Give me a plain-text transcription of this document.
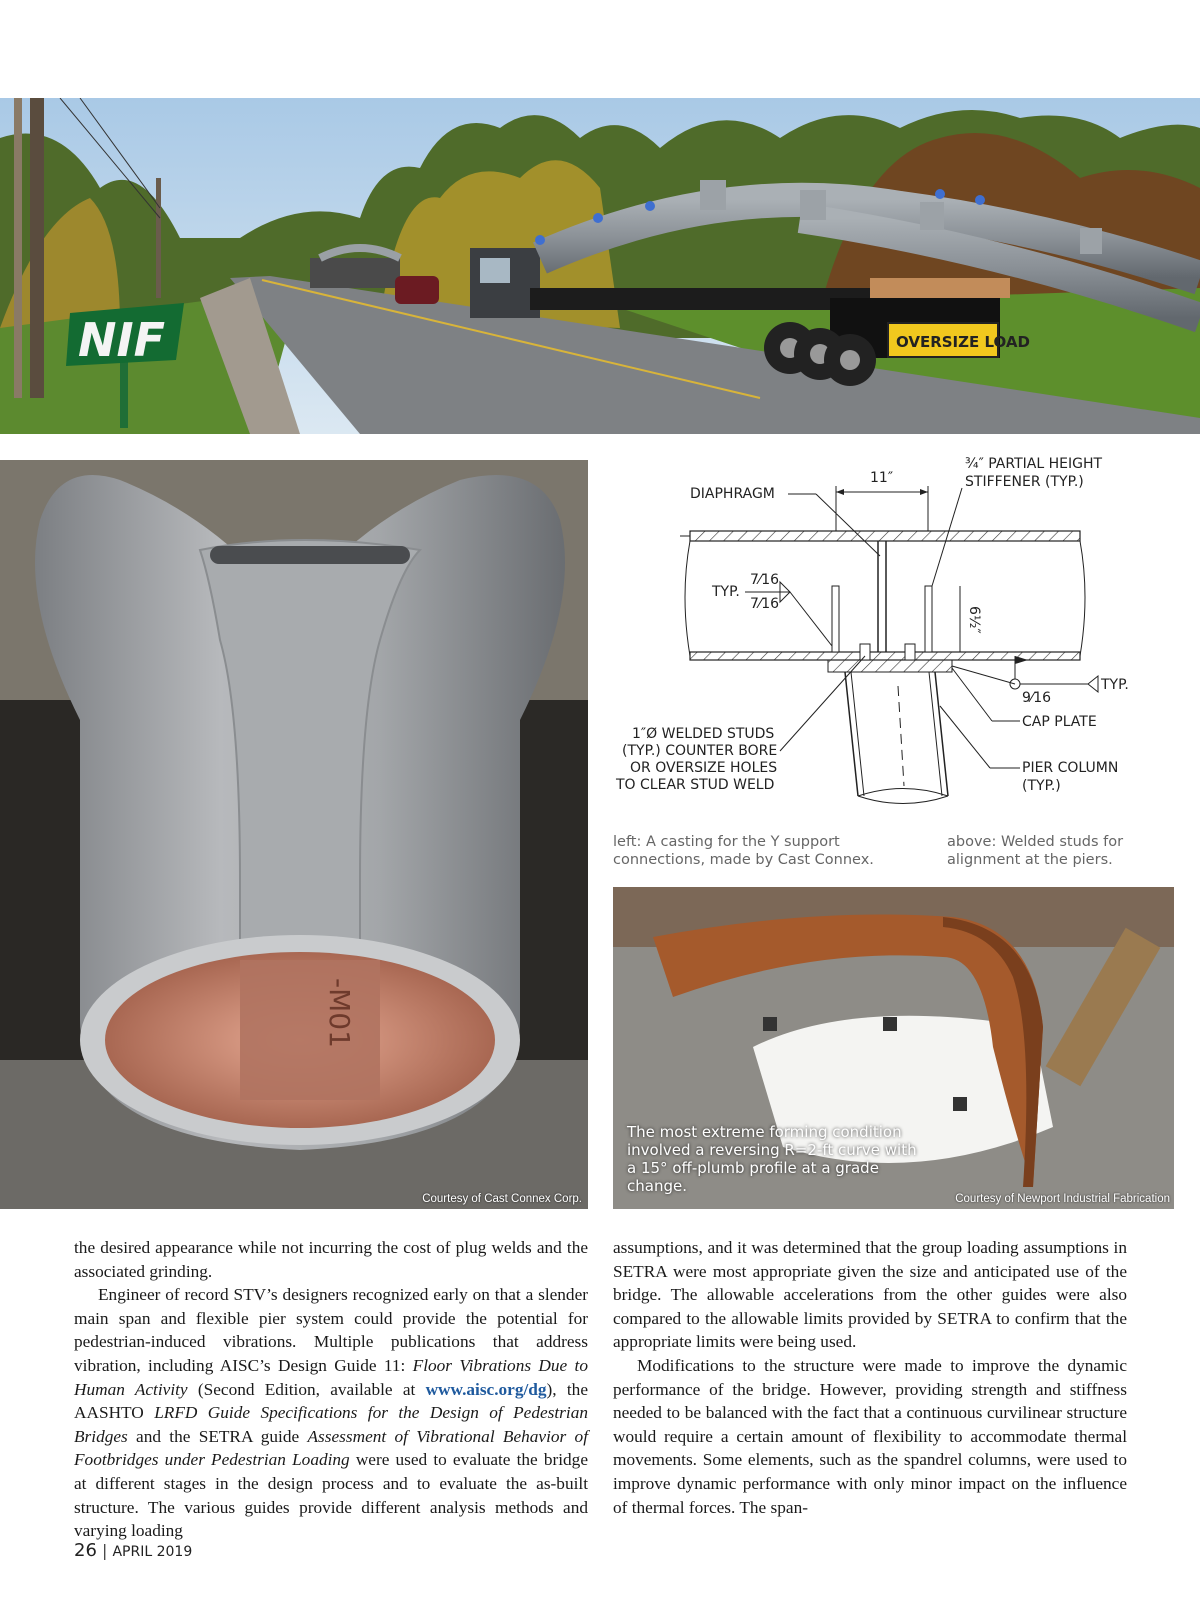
NIF	OVERSIZE LOAD
-M01
Courtesy of Cast Connex Corp.
11″
¾″ PARTIAL HEIGHT
STIFFENER (TYP.)
DIAPHRAGM
TYP.
7⁄16
7⁄16
6½″
9⁄16
TYP.
CAP PLATE
1″Ø WELDED STUDS
(TYP.) COUNTER BORE
OR OVERSIZE HOLES
TO CLEAR STUD WELD
PIER COLUMN
(TYP.)
left: A casting for the Y support connections, made by Cast Connex.
above: Welded studs for alignment at the piers.
The most extreme forming condition involved a reversing R=2-ft curve with a 15° off-plumb profile at a grade change.
Courtesy of Newport Industrial Fabrication

the desired appearance while not incurring the cost of plug welds and the associated grinding.

Engineer of record STV’s designers recognized early on that a slender main span and flexible pier system could provide the potential for pedestrian-induced vibrations. Multiple publications that address vibration, including AISC’s Design Guide 11: Floor Vibrations Due to Human Activity (Second Edition, available at www.aisc.org/dg), the AASHTO LRFD Guide Specifications for the Design of Pedestrian Bridges and the SETRA guide Assessment of Vibrational Behavior of Footbridges under Pedestrian Loading were used to evaluate the bridge at different stages in the design process and to evaluate the as-built structure. The various guides provide different analysis methods and varying loading

assumptions, and it was determined that the group loading assumptions in SETRA were most appropriate given the size and anticipated use of the bridge. The allowable accelerations from the other guides were also compared to the allowable limits provided by SETRA to confirm that the appropriate limits were being used.

Modifications to the structure were made to improve the dynamic performance of the bridge. However, providing strength and stiffness needed to be balanced with the fact that a continuous curvilinear structure would require a certain amount of flexibility to accommodate thermal movements. Some elements, such as the spandrel columns, were used to improve dynamic performance with only minor impact on the influence of thermal forces. The span-

26 | APRIL 2019
